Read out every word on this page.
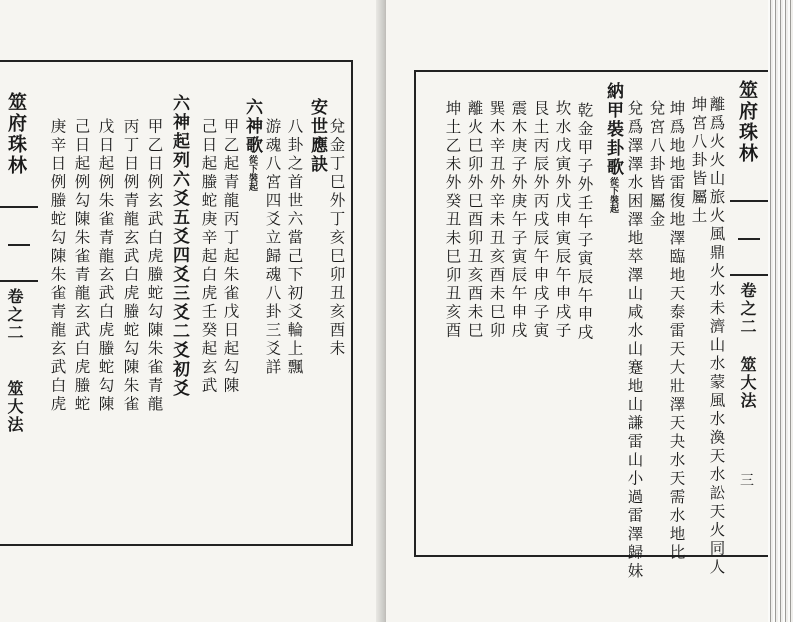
筮府珠林
卷之二
筮大法
兌金丁巳外丁亥巳卯丑亥酉未
安世應訣
八卦之首世六當己下初爻輪上飄
游魂八宮四爻立歸魂八卦三爻詳
六神歌從下裝起
甲乙起青龍丙丁起朱雀戊日起勾陳
己日起螣蛇庚辛起白虎壬癸起玄武
六神起列六爻五爻四爻三爻二爻初爻
甲乙日例玄武白虎螣蛇勾陳朱雀青龍
丙丁日例青龍玄武白虎螣蛇勾陳朱雀
戊日起例朱雀青龍玄武白虎螣蛇勾陳
己日起例勾陳朱雀青龍玄武白虎螣蛇
庚辛日例螣蛇勾陳朱雀青龍玄武白虎
筮府珠林
卷之二
筮大法
三
離爲火火山旅火風鼎火水未濟山水蒙風水渙天水訟天火同人
坤宮八卦皆屬土
坤爲地地雷復地澤臨地天泰雷天大壯澤天夬水天需水地比
兌宮八卦皆屬金
兌爲澤澤水困澤地萃澤山咸水山蹇地山謙雷山小過雷澤歸妹
納甲裝卦歌從下裝起
乾金甲子外壬午子寅辰午申戌
坎水戊寅外戊申寅辰午申戌子
艮土丙辰外丙戌辰午申戌子寅
震木庚子外庚午子寅辰午申戌
巽木辛丑外辛未丑亥酉未巳卯
離火巳卯外巳酉卯丑亥酉未巳
坤土乙未外癸丑未巳卯丑亥酉
